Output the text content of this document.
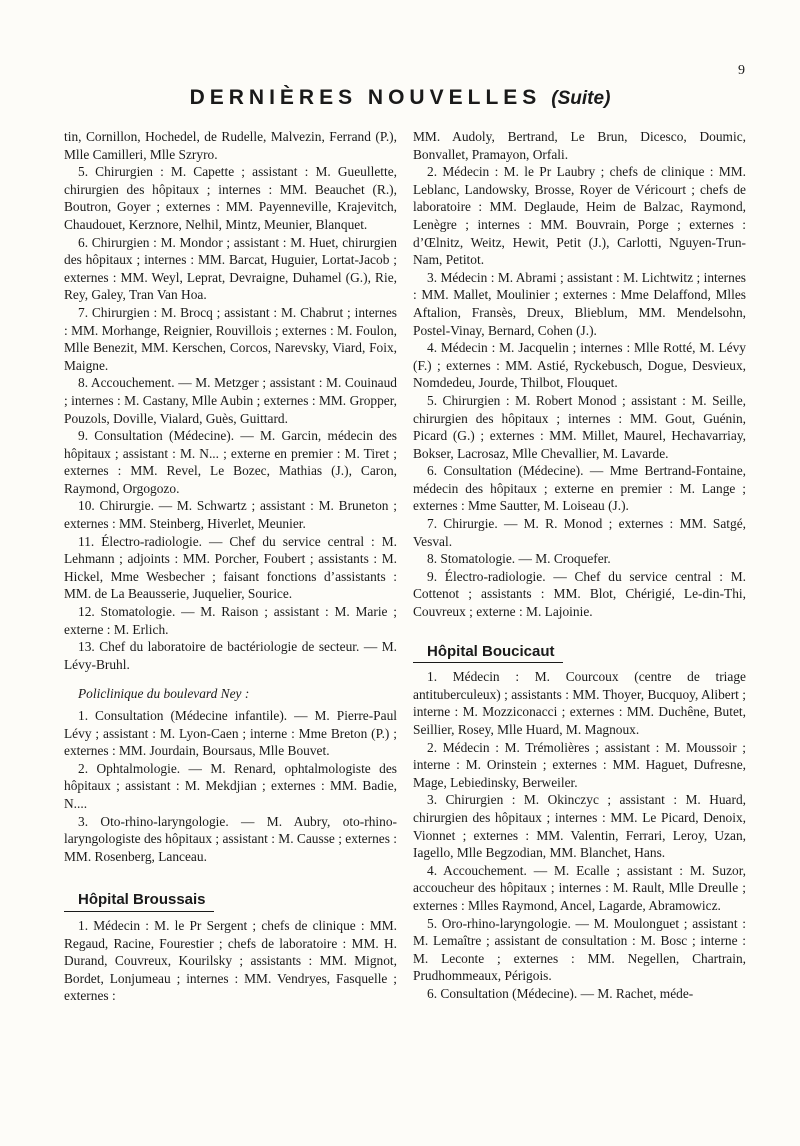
9
DERNIÈRES NOUVELLES (Suite)

tin, Cornillon, Hochedel, de Rudelle, Malvezin, Ferrand (P.), Mlle Camilleri, Mlle Szryro.

5. Chirurgien : M. Capette ; assistant : M. Gueullette, chirurgien des hôpitaux ; internes : MM. Beauchet (R.), Boutron, Goyer ; externes : MM. Payenneville, Krajevitch, Chaudouet, Kerznore, Nelhil, Mintz, Meunier, Blanquet.

6. Chirurgien : M. Mondor ; assistant : M. Huet, chirurgien des hôpitaux ; internes : MM. Barcat, Huguier, Lortat-Jacob ; externes : MM. Weyl, Leprat, Devraigne, Duhamel (G.), Rie, Rey, Galey, Tran Van Hoa.

7. Chirurgien : M. Brocq ; assistant : M. Chabrut ; internes : MM. Morhange, Reignier, Rouvillois ; externes : M. Foulon, Mlle Benezit, MM. Kerschen, Corcos, Narevsky, Viard, Foix, Maigne.

8. Accouchement. — M. Metzger ; assistant : M. Couinaud ; internes : M. Castany, Mlle Aubin ; externes : MM. Gropper, Pouzols, Doville, Vialard, Guès, Guittard.

9. Consultation (Médecine). — M. Garcin, médecin des hôpitaux ; assistant : M. N... ; externe en premier : M. Tiret ; externes : MM. Revel, Le Bozec, Mathias (J.), Caron, Raymond, Orgogozo.

10. Chirurgie. — M. Schwartz ; assistant : M. Bruneton ; externes : MM. Steinberg, Hiverlet, Meunier.

11. Électro-radiologie. — Chef du service central : M. Lehmann ; adjoints : MM. Porcher, Foubert ; assistants : M. Hickel, Mme Wesbecher ; faisant fonctions d’assistants : MM. de La Beausserie, Juquelier, Sourice.

12. Stomatologie. — M. Raison ; assistant : M. Marie ; externe : M. Erlich.

13. Chef du laboratoire de bactériologie de secteur. — M. Lévy-Bruhl.

Policlinique du boulevard Ney :

1. Consultation (Médecine infantile). — M. Pierre-Paul Lévy ; assistant : M. Lyon-Caen ; interne : Mme Breton (P.) ; externes : MM. Jourdain, Boursaus, Mlle Bouvet.

2. Ophtalmologie. — M. Renard, ophtalmologiste des hôpitaux ; assistant : M. Mekdjian ; externes : MM. Badie, N....

3. Oto-rhino-laryngologie. — M. Aubry, oto-rhino-laryngologiste des hôpitaux ; assistant : M. Causse ; externes : MM. Rosenberg, Lanceau.

Hôpital Broussais

1. Médecin : M. le Pr Sergent ; chefs de clinique : MM. Regaud, Racine, Fourestier ; chefs de laboratoire : MM. H. Durand, Couvreux, Kourilsky ; assistants : MM. Mignot, Bordet, Lonjumeau ; internes : MM. Vendryes, Fasquelle ; externes :

MM. Audoly, Bertrand, Le Brun, Dicesco, Doumic, Bonvallet, Pramayon, Orfali.

2. Médecin : M. le Pr Laubry ; chefs de clinique : MM. Leblanc, Landowsky, Brosse, Royer de Véricourt ; chefs de laboratoire : MM. Deglaude, Heim de Balzac, Raymond, Lenègre ; internes : MM. Bouvrain, Porge ; externes : d’Œlnitz, Weitz, Hewit, Petit (J.), Carlotti, Nguyen-Trun-Nam, Petitot.

3. Médecin : M. Abrami ; assistant : M. Lichtwitz ; internes : MM. Mallet, Moulinier ; externes : Mme Delaffond, Mlles Aftalion, Fransès, Dreux, Blieblum, MM. Mendelsohn, Postel-Vinay, Bernard, Cohen (J.).

4. Médecin : M. Jacquelin ; internes : Mlle Rotté, M. Lévy (F.) ; externes : MM. Astié, Ryckebusch, Dogue, Desvieux, Nomdedeu, Jourde, Thilbot, Flouquet.

5. Chirurgien : M. Robert Monod ; assistant : M. Seille, chirurgien des hôpitaux ; internes : MM. Gout, Guénin, Picard (G.) ; externes : MM. Millet, Maurel, Hechavarriay, Bokser, Lacrosaz, Mlle Chevallier, M. Lavarde.

6. Consultation (Médecine). — Mme Bertrand-Fontaine, médecin des hôpitaux ; externe en premier : M. Lange ; externes : Mme Sautter, M. Loiseau (J.).

7. Chirurgie. — M. R. Monod ; externes : MM. Satgé, Vesval.

8. Stomatologie. — M. Croquefer.

9. Électro-radiologie. — Chef du service central : M. Cottenot ; assistants : MM. Blot, Chérigié, Le-din-Thi, Couvreux ; externe : M. Lajoinie.

Hôpital Boucicaut

1. Médecin : M. Courcoux (centre de triage antituberculeux) ; assistants : MM. Thoyer, Bucquoy, Alibert ; interne : M. Mozziconacci ; externes : MM. Duchêne, Butet, Seillier, Rosey, Mlle Huard, M. Magnoux.

2. Médecin : M. Trémolières ; assistant : M. Moussoir ; interne : M. Orinstein ; externes : MM. Haguet, Dufresne, Mage, Lebiedinsky, Berweiler.

3. Chirurgien : M. Okinczyc ; assistant : M. Huard, chirurgien des hôpitaux ; internes : MM. Le Picard, Denoix, Vionnet ; externes : MM. Valentin, Ferrari, Leroy, Uzan, Iagello, Mlle Begzodian, MM. Blanchet, Hans.

4. Accouchement. — M. Ecalle ; assistant : M. Suzor, accoucheur des hôpitaux ; internes : M. Rault, Mlle Dreulle ; externes : Mlles Raymond, Ancel, Lagarde, Abramowicz.

5. Oro-rhino-laryngologie. — M. Moulonguet ; assistant : M. Lemaître ; assistant de consultation : M. Bosc ; interne : M. Leconte ; externes : MM. Negellen, Chartrain, Prudhommeaux, Périgois.

6. Consultation (Médecine). — M. Rachet, méde-
